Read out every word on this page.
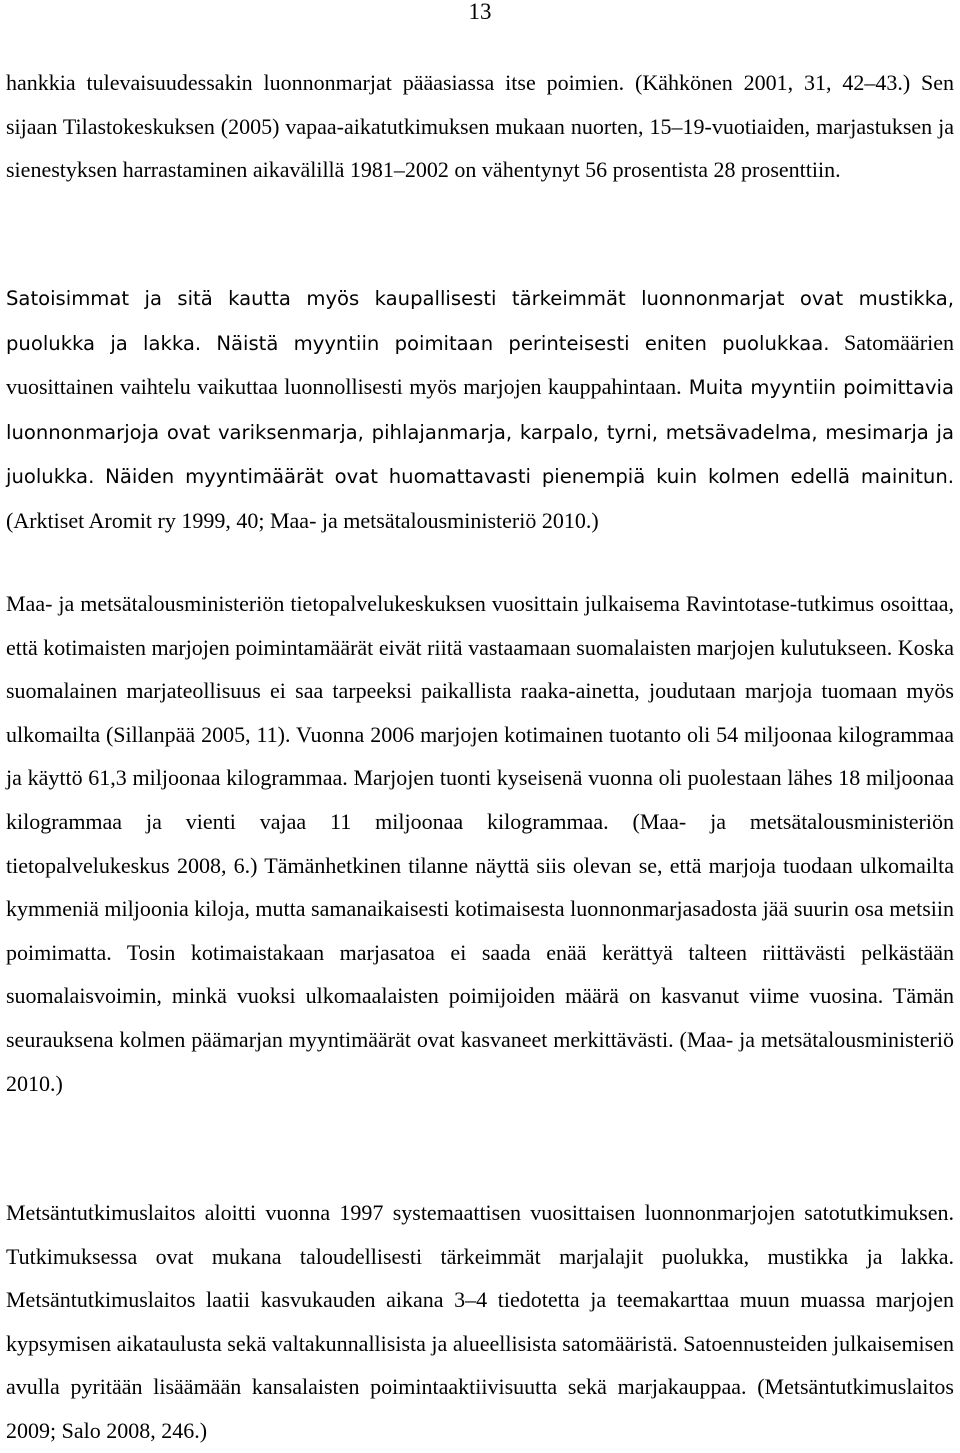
13

hankkia tulevaisuudessakin luonnonmarjat pääasiassa itse poimien. (Kähkönen 2001, 31, 42–43.) Sen sijaan Tilastokeskuksen (2005) vapaa-aikatutkimuksen mukaan nuorten, 15–19-vuotiaiden, marjastuksen ja sienestyksen harrastaminen aikavälillä 1981–2002 on vähentynyt 56 prosentista 28 prosenttiin.

Satoisimmat ja sitä kautta myös kaupallisesti tärkeimmät luonnonmarjat ovat mustikka, puolukka ja lakka. Näistä myyntiin poimitaan perinteisesti eniten puolukkaa. Satomäärien vuosittainen vaihtelu vaikuttaa luonnollisesti myös marjojen kauppahintaan. Muita myyntiin poimittavia luonnonmarjoja ovat variksenmarja, pihlajanmarja, karpalo, tyrni, metsävadelma, mesimarja ja juolukka. Näiden myyntimäärät ovat huomattavasti pienempiä kuin kolmen edellä mainitun. (Arktiset Aromit ry 1999, 40; Maa- ja metsätalousministeriö 2010.)

Maa- ja metsätalousministeriön tietopalvelukeskuksen vuosittain julkaisema Ravintotase-tutkimus osoittaa, että kotimaisten marjojen poimintamäärät eivät riitä vastaamaan suomalaisten marjojen kulutukseen. Koska suomalainen marjateollisuus ei saa tarpeeksi paikallista raaka-ainetta, joudutaan marjoja tuomaan myös ulkomailta (Sillanpää 2005, 11). Vuonna 2006 marjojen kotimainen tuotanto oli 54 miljoonaa kilogrammaa ja käyttö 61,3 miljoonaa kilogrammaa. Marjojen tuonti kyseisenä vuonna oli puolestaan lähes 18 miljoonaa kilogrammaa ja vienti vajaa 11 miljoonaa kilogrammaa. (Maa- ja metsätalousministeriön tietopalvelukeskus 2008, 6.) Tämänhetkinen tilanne näyttä siis olevan se, että marjoja tuodaan ulkomailta kymmeniä miljoonia kiloja, mutta samanaikaisesti kotimaisesta luonnonmarjasadosta jää suurin osa metsiin poimimatta. Tosin kotimaistakaan marjasatoa ei saada enää kerättyä talteen riittävästi pelkästään suomalaisvoimin, minkä vuoksi ulkomaalaisten poimijoiden määrä on kasvanut viime vuosina. Tämän seurauksena kolmen päämarjan myyntimäärät ovat kasvaneet merkittävästi. (Maa- ja metsätalousministeriö 2010.)

Metsäntutkimuslaitos aloitti vuonna 1997 systemaattisen vuosittaisen luonnonmarjojen satotutkimuksen. Tutkimuksessa ovat mukana taloudellisesti tärkeimmät marjalajit puolukka, mustikka ja lakka. Metsäntutkimuslaitos laatii kasvukauden aikana 3–4 tiedotetta ja teemakarttaa muun muassa marjojen kypsymisen aikataulusta sekä valtakunnallisista ja alueellisista satomääristä. Satoennusteiden julkaisemisen avulla pyritään lisäämään kansalaisten poimintaaktiivisuutta sekä marjakauppaa. (Metsäntutkimuslaitos 2009; Salo 2008, 246.)
